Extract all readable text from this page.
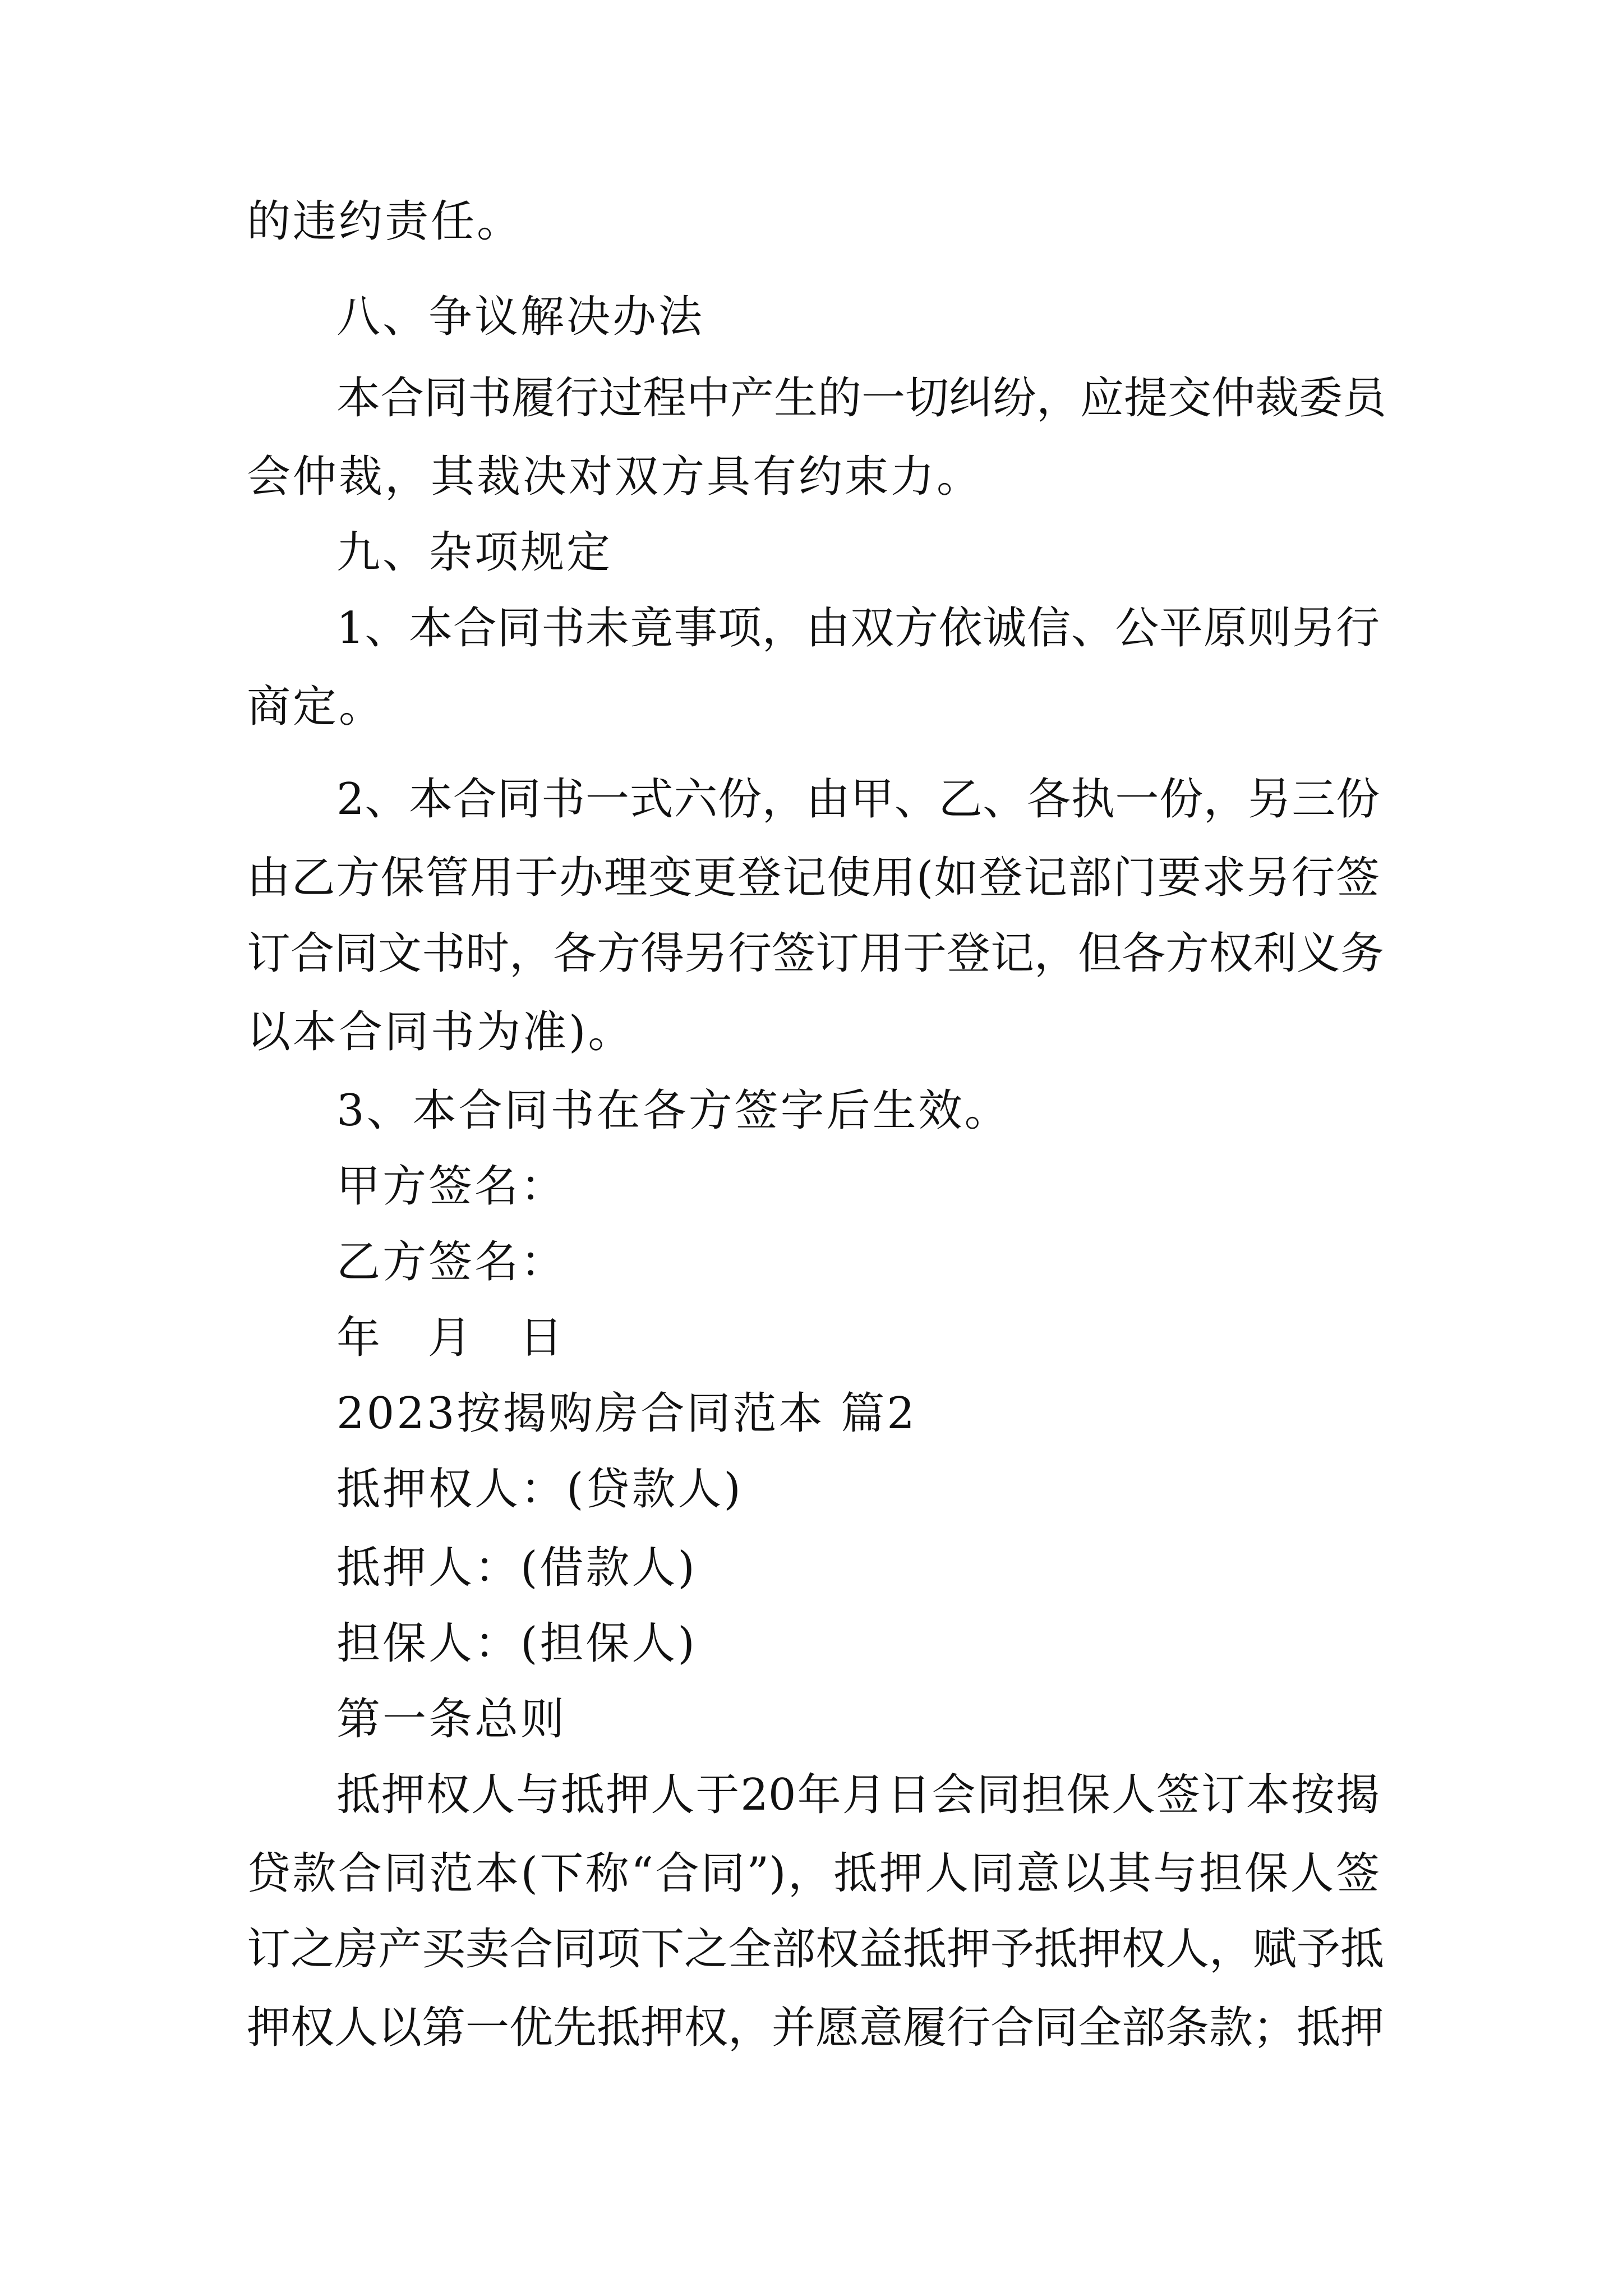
的违约责任。
八、争议解决办法
本合同书履行过程中产生的一切纠纷，应提交仲裁委员
会仲裁，其裁决对双方具有约束力。
九、杂项规定
1、本合同书未竟事项，由双方依诚信、公平原则另行
商定。
2、本合同书一式六份，由甲、乙、各执一份，另三份
由乙方保管用于办理变更登记使用(如登记部门要求另行签
订合同文书时，各方得另行签订用于登记，但各方权利义务
以本合同书为准)。
3、本合同书在各方签字后生效。
甲方签名：
乙方签名：
年 月 日
2023按揭购房合同范本 篇2
抵押权人：(贷款人)
抵押人：(借款人)
担保人：(担保人)
第一条总则
抵押权人与抵押人于20年月日会同担保人签订本按揭
贷款合同范本(下称“合同”)，抵押人同意以其与担保人签
订之房产买卖合同项下之全部权益抵押予抵押权人，赋予抵
押权人以第一优先抵押权，并愿意履行合同全部条款；抵押
